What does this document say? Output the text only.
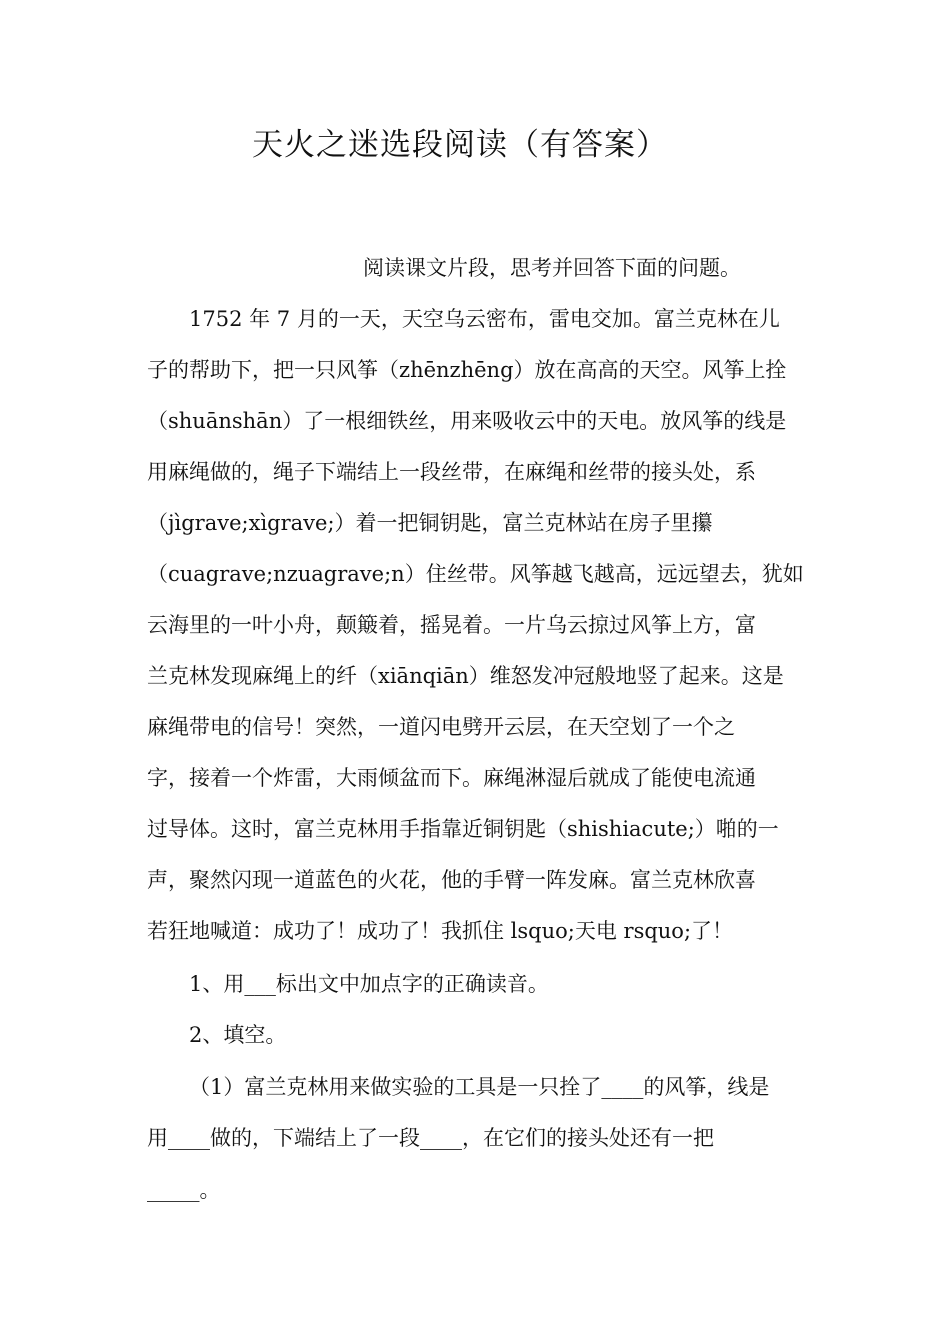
天火之迷选段阅读（有答案）
阅读课文片段，思考并回答下面的问题。
1752 年 7 月的一天，天空乌云密布，雷电交加。富兰克林在儿
子的帮助下，把一只风筝（zhēnzhēng）放在高高的天空。风筝上拴
（shuānshān）了一根细铁丝，用来吸收云中的天电。放风筝的线是
用麻绳做的，绳子下端结上一段丝带，在麻绳和丝带的接头处，系
（jìgrave;xìgrave;）着一把铜钥匙，富兰克林站在房子里攥
（cuagrave;nzuagrave;n）住丝带。风筝越飞越高，远远望去，犹如
云海里的一叶小舟，颠簸着，摇晃着。一片乌云掠过风筝上方，富
兰克林发现麻绳上的纤（xiānqiān）维怒发冲冠般地竖了起来。这是
麻绳带电的信号！突然，一道闪电劈开云层，在天空划了一个之
字，接着一个炸雷，大雨倾盆而下。麻绳淋湿后就成了能使电流通
过导体。这时，富兰克林用手指靠近铜钥匙（shishiacute;）啪的一
声，聚然闪现一道蓝色的火花，他的手臂一阵发麻。富兰克林欣喜
若狂地喊道：成功了！成功了！我抓住 lsquo;天电 rsquo;了！
1、用___标出文中加点字的正确读音。
2、填空。
（1）富兰克林用来做实验的工具是一只拴了____的风筝，线是
用____做的，下端结上了一段____，在它们的接头处还有一把
_____。
